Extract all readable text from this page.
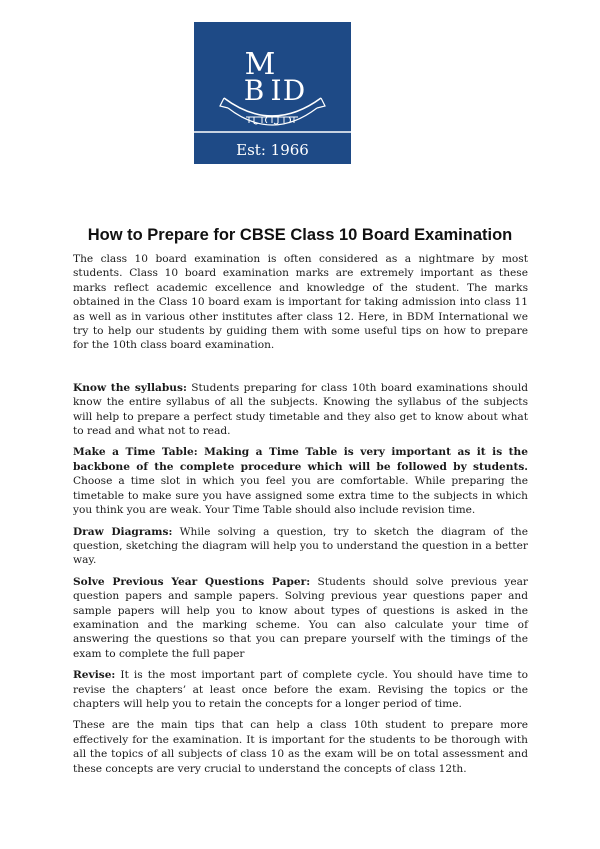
M
B I D
Est: 1966
How to Prepare for CBSE Class 10 Board Examination

The class 10 board examination is often considered as a nightmare by most students. Class 10 board examination marks are extremely important as these marks reflect academic excellence and knowledge of the student. The marks obtained in the Class 10 board exam is important for taking admission into class 11 as well as in various other institutes after class 12. Here, in BDM International we try to help our students by guiding them with some useful tips on how to prepare for the 10th class board examination.

Know the syllabus: Students preparing for class 10th board examinations should know the entire syllabus of all the subjects. Knowing the syllabus of the subjects will help to prepare a perfect study timetable and they also get to know about what to read and what not to read.

Make a Time Table: Making a Time Table is very important as it is the backbone of the complete procedure which will be followed by students. Choose a time slot in which you feel you are comfortable. While preparing the timetable to make sure you have assigned some extra time to the subjects in which you think you are weak. Your Time Table should also include revision time.

Draw Diagrams: While solving a question, try to sketch the diagram of the question, sketching the diagram will help you to understand the question in a better way.

Solve Previous Year Questions Paper: Students should solve previous year question papers and sample papers. Solving previous year questions paper and sample papers will help you to know about types of questions is asked in the examination and the marking scheme. You can also calculate your time of answering the questions so that you can prepare yourself with the timings of the exam to complete the full paper

Revise: It is the most important part of complete cycle. You should have time to revise the chapters’ at least once before the exam. Revising the topics or the chapters will help you to retain the concepts for a longer period of time.

These are the main tips that can help a class 10th student to prepare more effectively for the examination. It is important for the students to be thorough with all the topics of all subjects of class 10 as the exam will be on total assessment and these concepts are very crucial to understand the concepts of class 12th.
